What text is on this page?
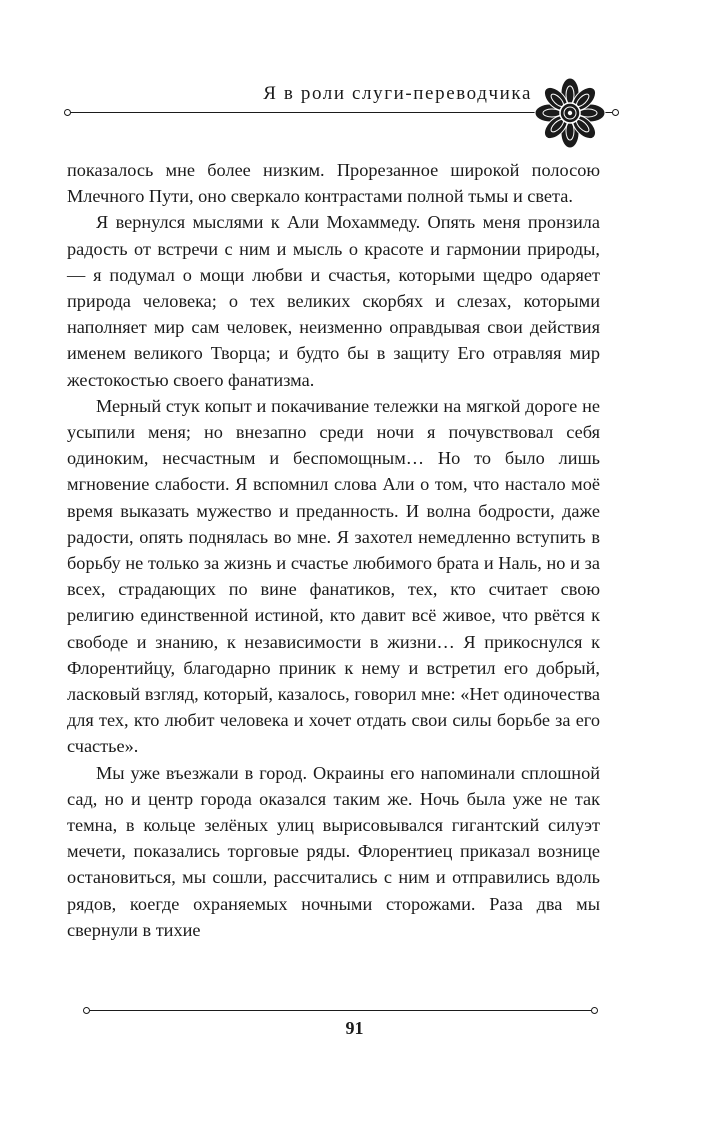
Я в роли слуги-переводчика

показалось мне более низким. Прорезанное широкой полосою Млечного Пути, оно сверкало контрастами полной тьмы и света.

Я вернулся мыслями к Али Мохаммеду. Опять меня пронзила радость от встречи с ним и мысль о красоте и гармонии природы, — я подумал о мощи любви и счастья, которыми щедро одаряет природа человека; о тех великих скорбях и слезах, которыми наполняет мир сам человек, неизменно оправдывая свои действия именем великого Творца; и будто бы в защиту Его отравляя мир жестокостью своего фанатизма.

Мерный стук копыт и покачивание тележки на мягкой дороге не усыпили меня; но внезапно среди ночи я почувствовал себя одиноким, несчастным и беспомощным… Но то было лишь мгновение слабости. Я вспомнил слова Али о том, что настало моё время выказать мужество и преданность. И волна бодрости, даже радости, опять поднялась во мне. Я захотел немедленно вступить в борьбу не только за жизнь и счастье любимого брата и Наль, но и за всех, страдающих по вине фанатиков, тех, кто считает свою религию единственной истиной, кто давит всё живое, что рвётся к свободе и знанию, к независимости в жизни… Я прикоснулся к Флорентийцу, благодарно приник к нему и встретил его добрый, ласковый взгляд, который, казалось, говорил мне: «Нет одиночества для тех, кто любит человека и хочет отдать свои силы борьбе за его счастье».

Мы уже въезжали в город. Окраины его напоминали сплошной сад, но и центр города оказался таким же. Ночь была уже не так темна, в кольце зелёных улиц вырисовывался гигантский силуэт мечети, показались торговые ряды. Флорентиец приказал вознице остановиться, мы сошли, рассчитались с ним и отправились вдоль рядов, коегде охраняемых ночными сторожами. Раза два мы свернули в тихие

91
